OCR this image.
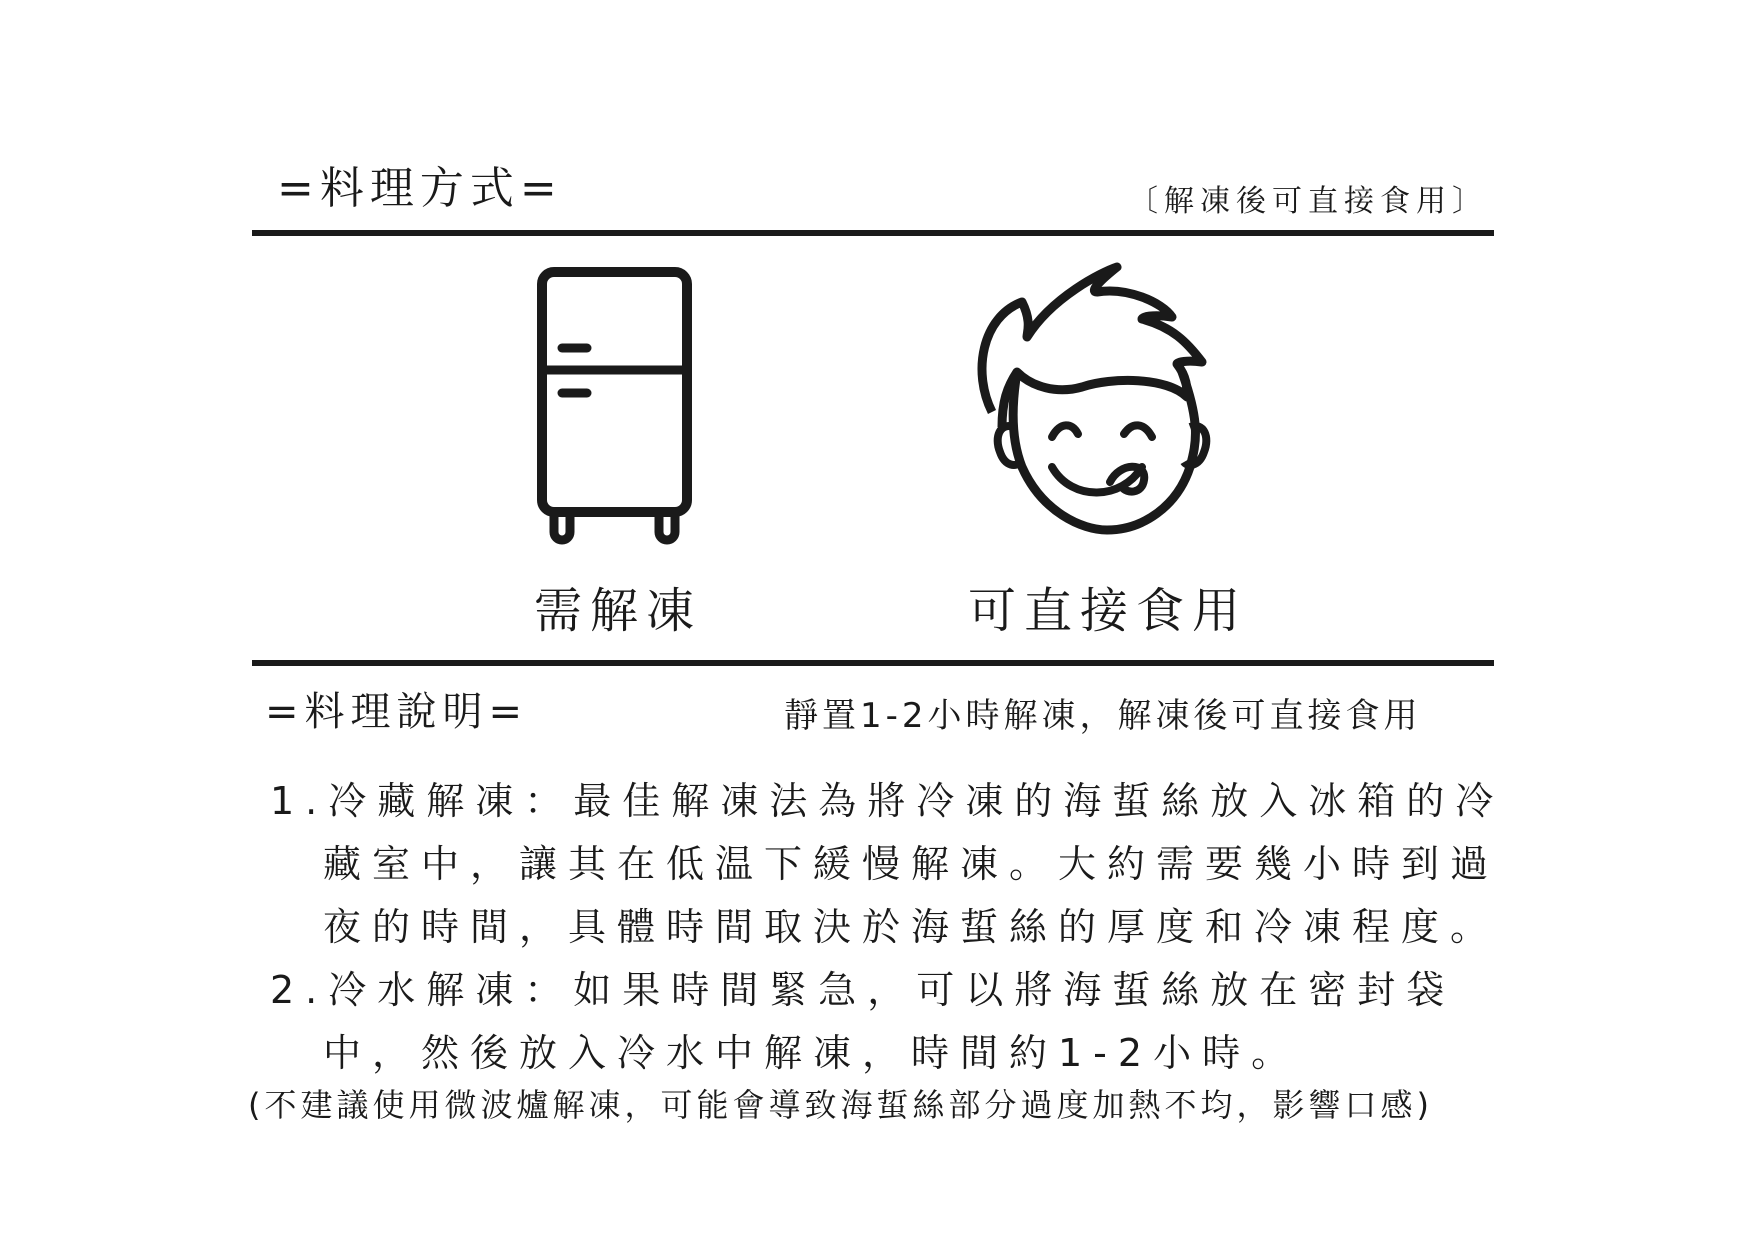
=料理方式=	〔解凍後可直接食用〕
需解凍	可直接食用
=料理說明=	靜置1-2小時解凍，解凍後可直接食用
1.冷藏解凍：最佳解凍法為將冷凍的海蜇絲放入冰箱的冷
藏室中，讓其在低温下緩慢解凍。大約需要幾小時到過
夜的時間，具體時間取決於海蜇絲的厚度和冷凍程度。
2.冷水解凍：如果時間緊急，可以將海蜇絲放在密封袋
中，然後放入冷水中解凍，時間約1-2小時。
(不建議使用微波爐解凍，可能會導致海蜇絲部分過度加熱不均，影響口感)
